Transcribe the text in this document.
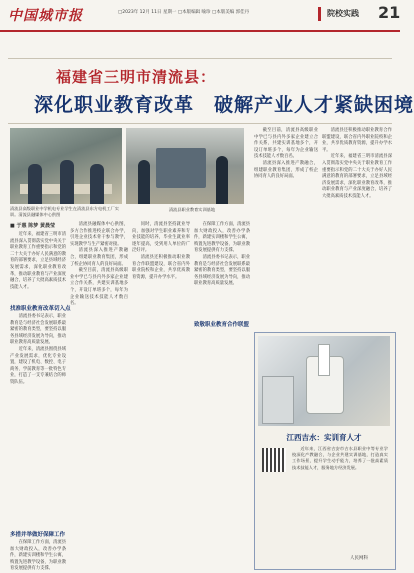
中国城市报	□2023年 12月 11日 星期一 □本版编辑 喻珍 □本版美编 郭佳丹	院校实践	21
福建省三明市清流县：
深化职业教育改革　破解产业人才紧缺困境
清流县高级职业中学机电专业学生在清流县东方电机工厂实训。清流县融媒体中心供图
清流县职业教育实训基地
■ 于惠 陈梦 黄晨莹

近年来，福建省三明市清流县深入贯彻落实党中央关于职业教育工作重要指示和党的二十大关于办好人民满意的教育的部署要求，立足县域经济发展需求，深化职业教育改革，推动职业教育与产业深度融合，培养了大批高素质技术技能人才。

找准职业教育改革切入点

清流县委书记表示，职业教育是与经济社会发展联系最紧密的教育类型，要坚持以服务县域经济发展为导向，推动职业教育高质量发展。

近年来，清流县围绕县域产业发展需求，优化专业设置，建设了机电、数控、电子商务、学前教育等一批特色专业，打造了一支专兼结合的师资队伍。

多措并举做好保障工作

在保障工作方面，清流县加大财政投入，改善办学条件，新建实训楼和学生公寓，购置先进教学设备，为职业教育发展提供有力支撑。

清流县融媒体中心供图，多方合作推进校企联合办学，引进企业技术骨干参与教学，实现教学与生产紧密对接。

清流县深入推进产教融合，组建职业教育集团，形成了校企协同育人的良好局面。

截至目前，清流县高级职业中学已与县内外多家企业建立合作关系，共建实训基地多个，开设订单班多个，每年为企业输送技术技能人才数百名。

同时，清流县坚持就业导向，加强对学生职业素养和专业技能的培养，毕业生就业率逐年提高，受到用人单位的广泛好评。

清流县还积极推动职业教育合作联盟建设，联合省内外职业院校和企业，共享优质教育资源，提升办学水平。

在保障工作方面，清流县加大财政投入，改善办学条件，新建实训楼和学生公寓，购置先进教学设备，为职业教育发展提供有力支撑。

清流县委书记表示，职业教育是与经济社会发展联系最紧密的教育类型，要坚持以服务县域经济发展为导向，推动职业教育高质量发展。

致敬职业教育合作联盟

截至目前，清流县高级职业中学已与县内外多家企业建立合作关系，共建实训基地多个，开设订单班多个，每年为企业输送技术技能人才数百名。

清流县深入推进产教融合，组建职业教育集团，形成了校企协同育人的良好局面。

清流县还积极推动职业教育合作联盟建设，联合省内外职业院校和企业，共享优质教育资源，提升办学水平。

近年来，福建省三明市清流县深入贯彻落实党中央关于职业教育工作重要指示和党的二十大关于办好人民满意的教育的部署要求，立足县域经济发展需求，深化职业教育改革，推动职业教育与产业深度融合，培养了大批高素质技术技能人才。

江西吉水：实训育人才

近年来，江西省吉安市吉水县职业中等专业学校深化产教融合，与企业共建实训基地，打造真实工作场景，提升学生动手能力，培养了一批高素质技术技能人才，服务地方经济发展。

人民网科
